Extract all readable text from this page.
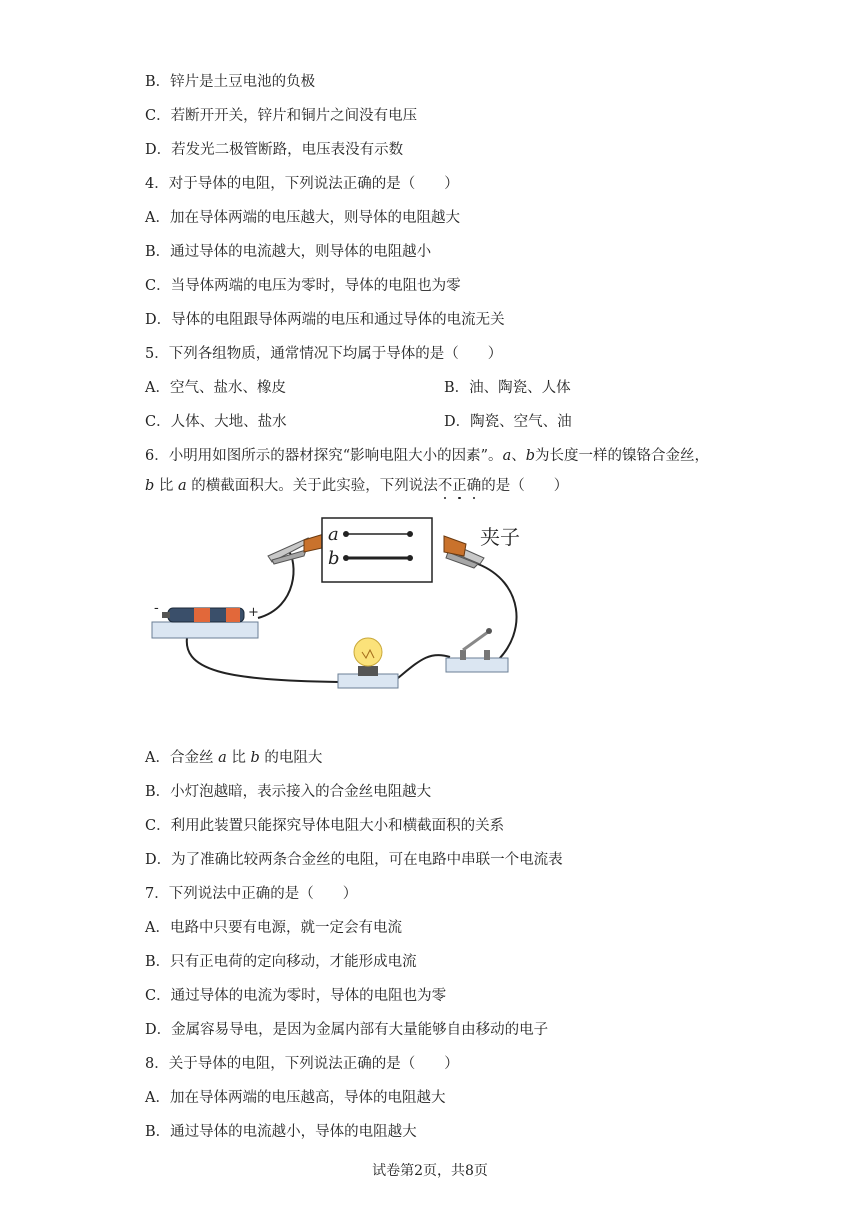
B．锌片是土豆电池的负极
C．若断开开关，锌片和铜片之间没有电压
D．若发光二极管断路，电压表没有示数
4．对于导体的电阻，下列说法正确的是（　　）
A．加在导体两端的电压越大，则导体的电阻越大
B．通过导体的电流越大，则导体的电阻越小
C．当导体两端的电压为零时，导体的电阻也为零
D．导体的电阻跟导体两端的电压和通过导体的电流无关
5．下列各组物质，通常情况下均属于导体的是（　　）
A．空气、盐水、橡皮	B．油、陶瓷、人体
C．人体、大地、盐水	D．陶瓷、空气、油
6．小明用如图所示的器材探究“影响电阻大小的因素”。a、b为长度一样的镍铬合金丝，
b 比 a 的横截面积大。关于此实验，下列说法不正确的是（　　）
-	+
a
b
夹子
A．合金丝 a 比 b 的电阻大
B．小灯泡越暗，表示接入的合金丝电阻越大
C．利用此装置只能探究导体电阻大小和横截面积的关系
D．为了准确比较两条合金丝的电阻，可在电路中串联一个电流表
7．下列说法中正确的是（　　）
A．电路中只要有电源，就一定会有电流
B．只有正电荷的定向移动，才能形成电流
C．通过导体的电流为零时，导体的电阻也为零
D．金属容易导电，是因为金属内部有大量能够自由移动的电子
8．关于导体的电阻，下列说法正确的是（　　）
A．加在导体两端的电压越高，导体的电阻越大
B．通过导体的电流越小，导体的电阻越大
试卷第2页，共8页
